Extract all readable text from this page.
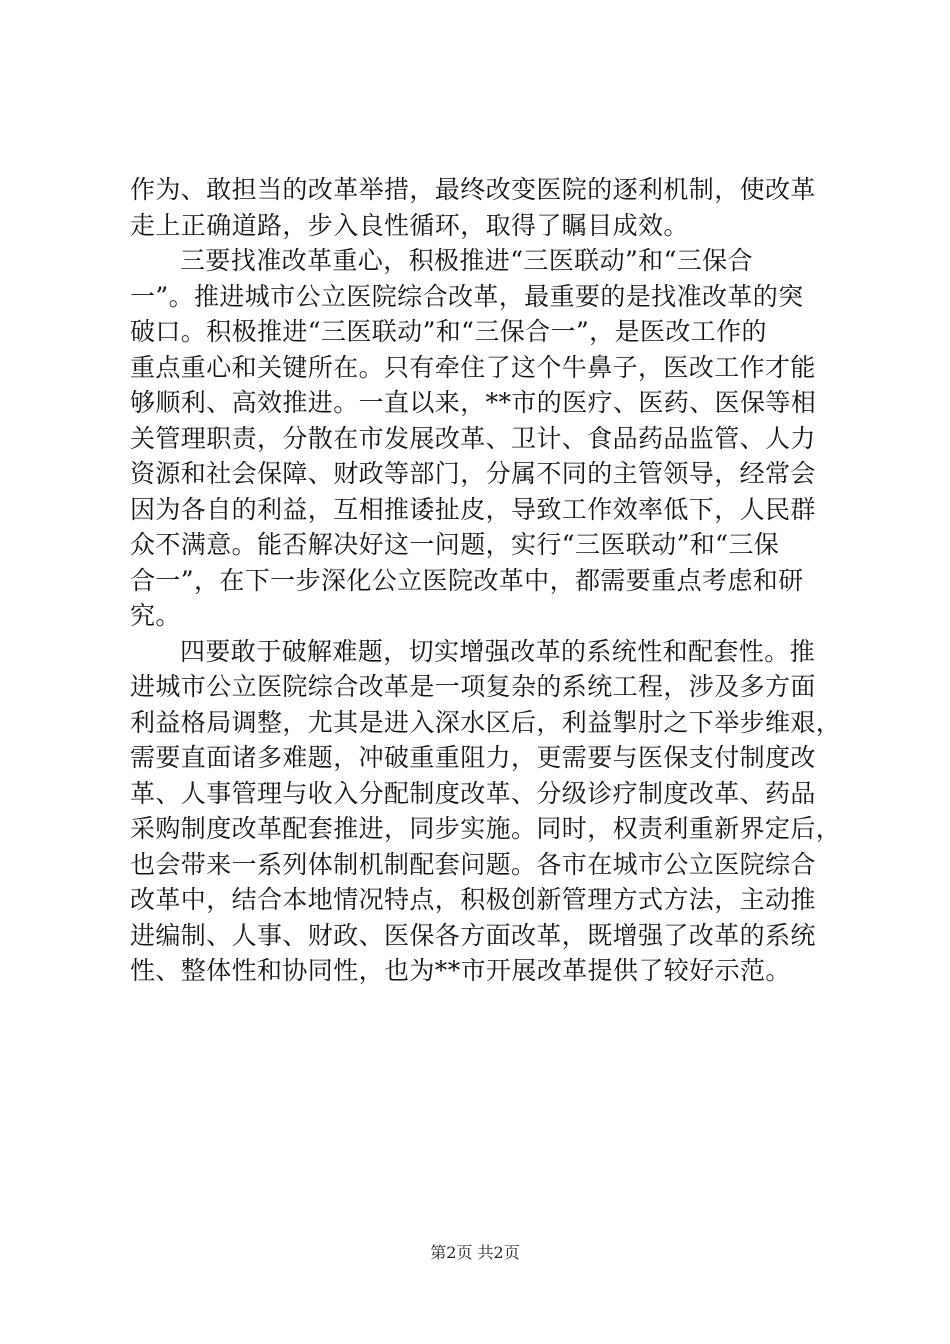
作为、敢担当的改革举措，最终改变医院的逐利机制，使改革
走上正确道路，步入良性循环，取得了瞩目成效。
三要找准改革重心，积极推进“三医联动”和“三保合
一”。推进城市公立医院综合改革，最重要的是找准改革的突
破口。积极推进“三医联动”和“三保合一”，是医改工作的
重点重心和关键所在。只有牵住了这个牛鼻子，医改工作才能
够顺利、高效推进。一直以来，**市的医疗、医药、医保等相
关管理职责，分散在市发展改革、卫计、食品药品监管、人力
资源和社会保障、财政等部门，分属不同的主管领导，经常会
因为各自的利益，互相推诿扯皮，导致工作效率低下，人民群
众不满意。能否解决好这一问题，实行“三医联动”和“三保
合一”，在下一步深化公立医院改革中，都需要重点考虑和研
究。
四要敢于破解难题，切实增强改革的系统性和配套性。推
进城市公立医院综合改革是一项复杂的系统工程，涉及多方面
利益格局调整，尤其是进入深水区后，利益掣肘之下举步维艰，
需要直面诸多难题，冲破重重阻力，更需要与医保支付制度改
革、人事管理与收入分配制度改革、分级诊疗制度改革、药品
采购制度改革配套推进，同步实施。同时，权责利重新界定后，
也会带来一系列体制机制配套问题。各市在城市公立医院综合
改革中，结合本地情况特点，积极创新管理方式方法，主动推
进编制、人事、财政、医保各方面改革，既增强了改革的系统
性、整体性和协同性，也为**市开展改革提供了较好示范。
第2页 共2页
